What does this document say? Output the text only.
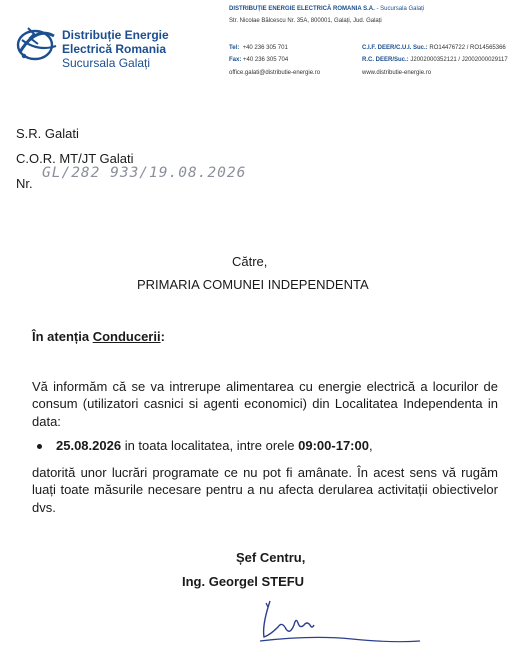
Distribuție Energie
Electrică Romania
Sucursala Galați
DISTRIBUȚIE ENERGIE ELECTRICĂ ROMANIA S.A. - Sucursala Galați
Str. Nicolae Bălcescu Nr. 35A, 800001, Galați, Jud. Galați
Tel: +40 236 305 701
Fax: +40 236 305 704
office.galati@distributie-energie.ro
C.I.F. DEER/C.U.I. Suc.: RO14476722 / RO14565366
R.C. DEER/Suc.: J2002000352121 / J2002000029117
www.distributie-energie.ro
S.R. Galati
C.O.R. MT/JT Galati
Nr.
GL/282 933/19.08.2026
Către,
PRIMARIA COMUNEI INDEPENDENTA
În atenția Conducerii:
Vă informăm că se va intrerupe alimentarea cu energie electrică a locurilor de consum (utilizatori casnici si agenti economici) din Localitatea Independenta in data:
25.08.2026 in toata localitatea, intre orele 09:00-17:00,
datorită unor lucrări programate ce nu pot fi amânate. În acest sens vă rugăm luați toate măsurile necesare pentru a nu afecta derularea activitații obiectivelor dvs.
Șef Centru,
Ing. Georgel STEFU
